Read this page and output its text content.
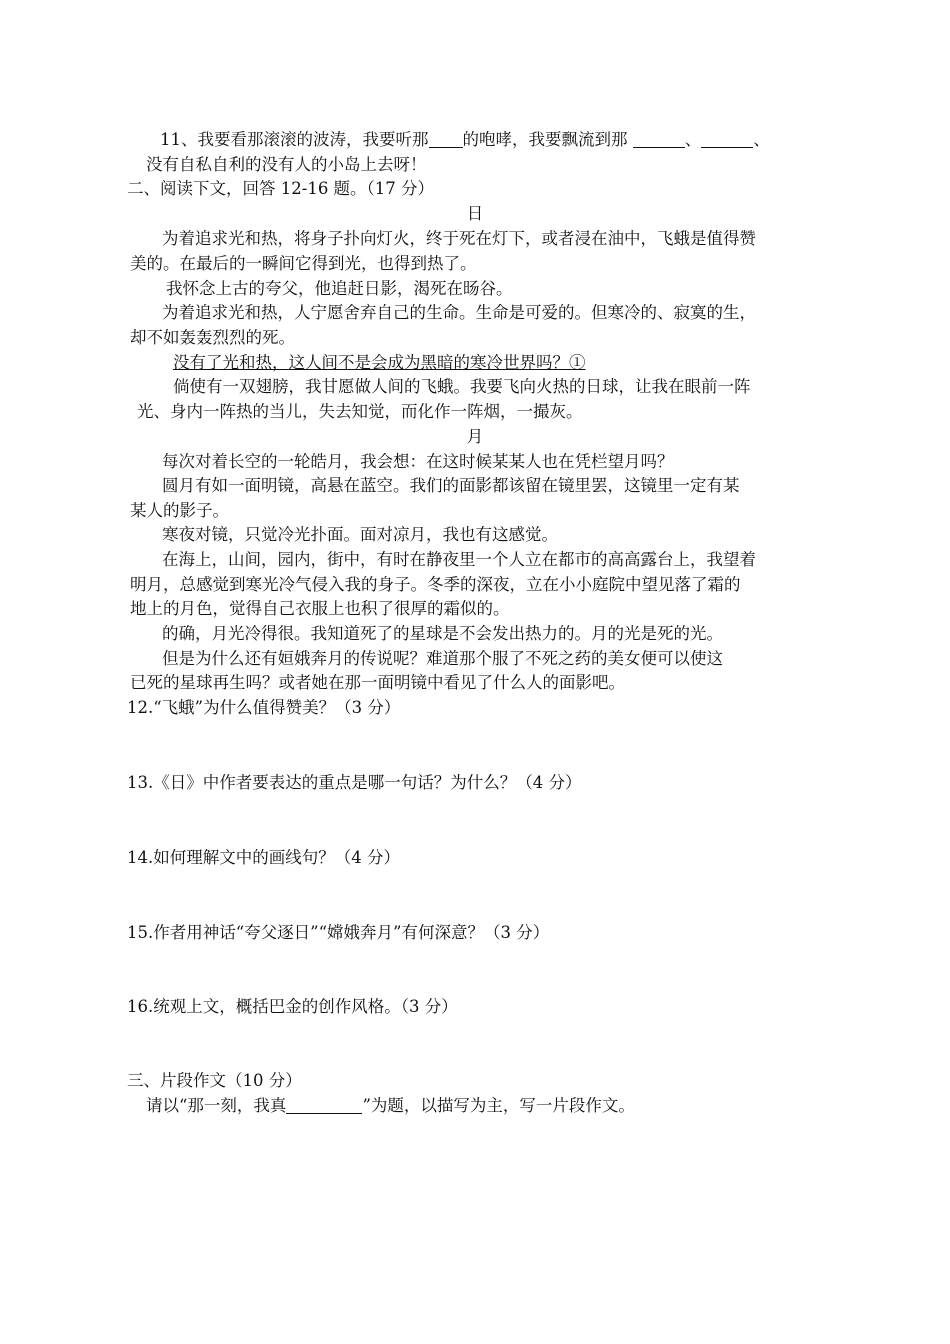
11、我要看那滚滚的波涛，我要听那 的咆哮，我要飘流到那	、	、
没有自私自利的没有人的小岛上去呀！
二、阅读下文，回答 12-16 题。（17 分）
日
为着追求光和热，将身子扑向灯火，终于死在灯下，或者浸在油中，飞蛾是值得赞
美的。在最后的一瞬间它得到光，也得到热了。
我怀念上古的夸父，他追赶日影，渴死在旸谷。
为着追求光和热，人宁愿舍弃自己的生命。生命是可爱的。但寒冷的、寂寞的生，
却不如轰轰烈烈的死。
没有了光和热，这人间不是会成为黑暗的寒冷世界吗？①
倘使有一双翅膀，我甘愿做人间的飞蛾。我要飞向火热的日球，让我在眼前一阵
光、身内一阵热的当儿，失去知觉，而化作一阵烟，一撮灰。
月
每次对着长空的一轮皓月，我会想：在这时候某某人也在凭栏望月吗？
圆月有如一面明镜，高悬在蓝空。我们的面影都该留在镜里罢，这镜里一定有某
某人的影子。
寒夜对镜，只觉冷光扑面。面对凉月，我也有这感觉。
在海上，山间，园内，街中，有时在静夜里一个人立在都市的高高露台上，我望着
明月，总感觉到寒光冷气侵入我的身子。冬季的深夜，立在小小庭院中望见落了霜的
地上的月色，觉得自己衣服上也积了很厚的霜似的。
的确，月光冷得很。我知道死了的星球是不会发出热力的。月的光是死的光。
但是为什么还有姮娥奔月的传说呢？难道那个服了不死之药的美女便可以使这
已死的星球再生吗？或者她在那一面明镜中看见了什么人的面影吧。
12.“飞蛾”为什么值得赞美？（3 分）
13.《日》中作者要表达的重点是哪一句话？为什么？（4 分）
14.如何理解文中的画线句？（4 分）
15.作者用神话“夸父逐日”“嫦娥奔月”有何深意？（3 分）
16.统观上文，概括巴金的创作风格。（3 分）
三、片段作文（10 分）
请以“那一刻，我真	”为题，以描写为主，写一片段作文。
